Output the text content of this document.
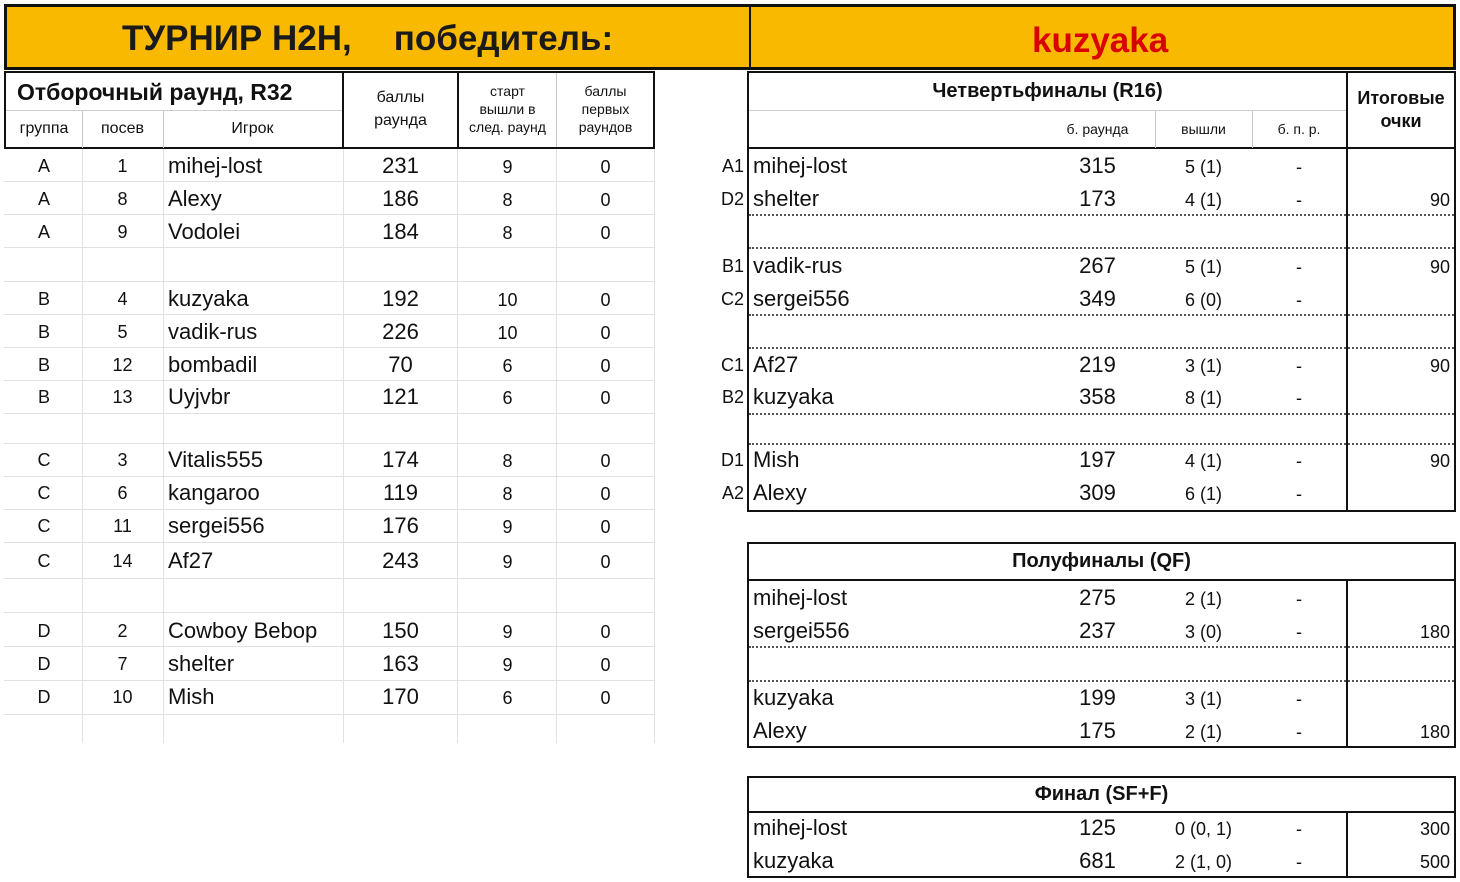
ТУРНИР H2H, победитель:	kuzyaka
Отборочный раунд, R32
группа	посев	Игрок
баллы
раунда
старт
вышли в
след. раунд
баллы
первых
раундов
A	1	mihej-lost	231	9	0
A	8	Alexy	186	8	0
A	9	Vodolei	184	8	0
B	4	kuzyaka	192	10	0
B	5	vadik-rus	226	10	0
B	12	bombadil	70	6	0
B	13	Uyjvbr	121	6	0
C	3	Vitalis555	174	8	0
C	6	kangaroo	119	8	0
C	11	sergei556	176	9	0
C	14	Af27	243	9	0
D	2	Cowboy Bebop	150	9	0
D	7	shelter	163	9	0
D	10	Mish	170	6	0
Четвертьфиналы (R16)
б. раунда	вышли	б. п. р.
Итоговые
очки
A1 mihej-lost	315	5 (1)	-
D2 shelter	173	4 (1)	-	90
B1 vadik-rus	267	5 (1)	-	90
C2 sergei556	349	6 (0)	-
C1 Af27	219	3 (1)	-	90
B2 kuzyaka	358	8 (1)	-
D1 Mish	197	4 (1)	-	90
A2 Alexy	309	6 (1)	-
Полуфиналы (QF)
mihej-lost	275	2 (1)	-
sergei556	237	3 (0)	-	180
kuzyaka	199	3 (1)	-
Alexy	175	2 (1)	-	180
Финал (SF+F)
mihej-lost	125	0 (0, 1)	-	300
kuzyaka	681	2 (1, 0)	-	500
